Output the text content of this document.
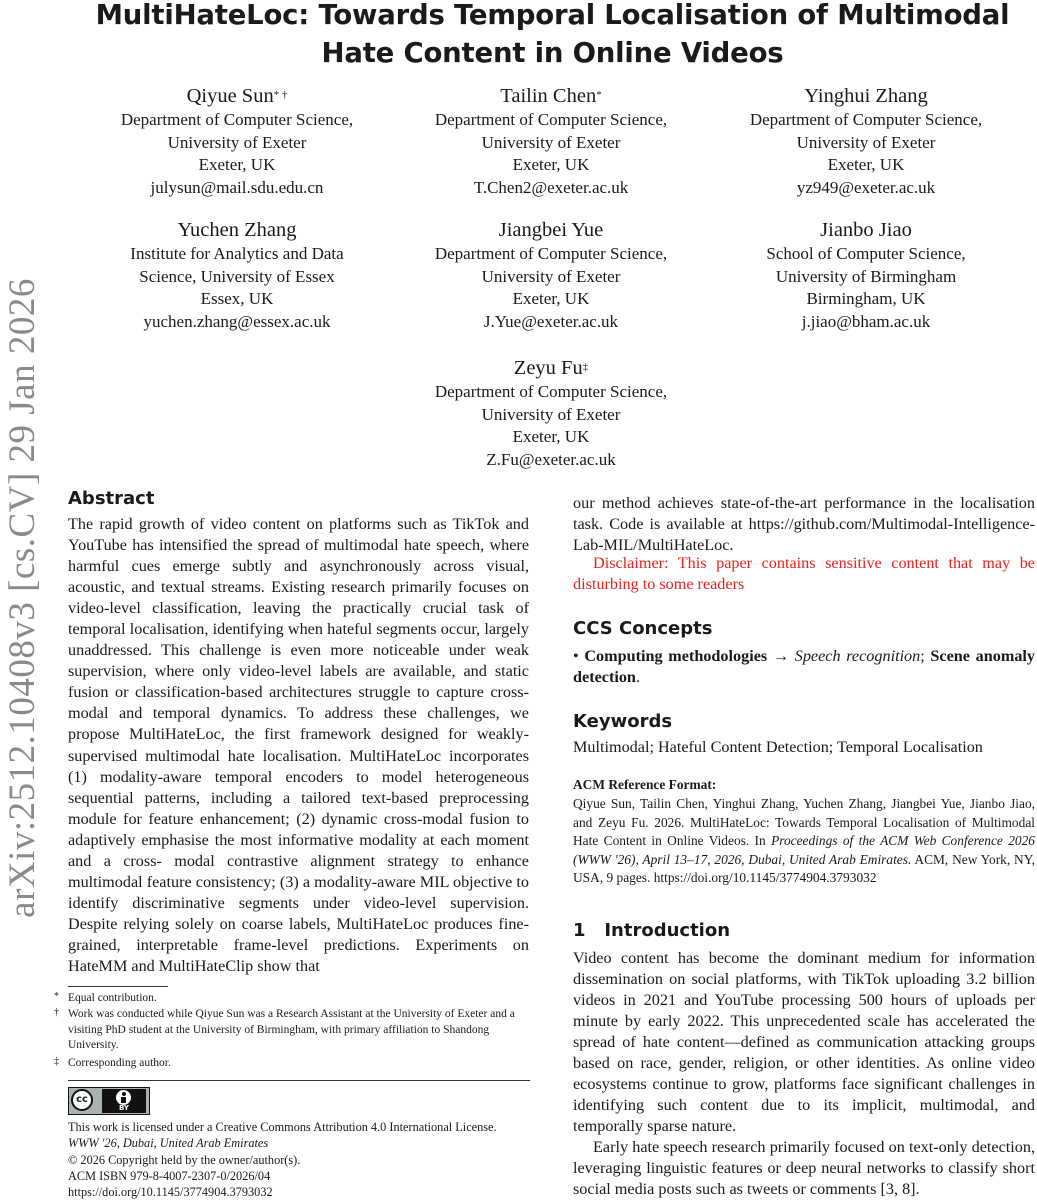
arXiv:2512.10408v3 [cs.CV] 29 Jan 2026
MultiHateLoc: Towards Temporal Localisation of Multimodal
Hate Content in Online Videos
Qiyue Sun* †
Department of Computer Science,
University of Exeter
Exeter, UK
julysun@mail.sdu.edu.cn
Tailin Chen*
Department of Computer Science,
University of Exeter
Exeter, UK
T.Chen2@exeter.ac.uk
Yinghui Zhang
Department of Computer Science,
University of Exeter
Exeter, UK
yz949@exeter.ac.uk
Yuchen Zhang
Institute for Analytics and Data
Science, University of Essex
Essex, UK
yuchen.zhang@essex.ac.uk
Jiangbei Yue
Department of Computer Science,
University of Exeter
Exeter, UK
J.Yue@exeter.ac.uk
Jianbo Jiao
School of Computer Science,
University of Birmingham
Birmingham, UK
j.jiao@bham.ac.uk
Zeyu Fu‡
Department of Computer Science,
University of Exeter
Exeter, UK
Z.Fu@exeter.ac.uk
Abstract

The rapid growth of video content on platforms such as TikTok and YouTube has intensified the spread of multimodal hate speech, where harmful cues emerge subtly and asynchronously across visual, acoustic, and textual streams. Existing research primarily focuses on video-level classification, leaving the practically crucial task of temporal localisation, identifying when hateful segments occur, largely unaddressed. This challenge is even more noticeable under weak supervision, where only video-level labels are available, and static fusion or classification-based architectures struggle to capture cross-modal and temporal dynamics. To address these challenges, we propose MultiHateLoc, the first framework designed for weakly-supervised multimodal hate localisation. MultiHateLoc incorporates (1) modality-aware temporal encoders to model heterogeneous sequential patterns, including a tailored text-based preprocessing module for feature enhancement; (2) dynamic cross-modal fusion to adaptively emphasise the most informative modality at each moment and a cross- modal contrastive alignment strategy to enhance multimodal feature consistency; (3) a modality-aware MIL objective to identify discriminative segments under video-level supervision. Despite relying solely on coarse labels, MultiHateLoc produces fine-grained, interpretable frame-level predictions. Experiments on HateMM and MultiHateClip show that

* Equal contribution.
† Work was conducted while Qiyue Sun was a Research Assistant at the University of Exeter and a visiting PhD student at the University of Birmingham, with primary affiliation to Shandong University.
‡ Corresponding author.
cc
BY
This work is licensed under a Creative Commons Attribution 4.0 International License.
WWW '26, Dubai, United Arab Emirates
© 2026 Copyright held by the owner/author(s).
ACM ISBN 979-8-4007-2307-0/2026/04
https://doi.org/10.1145/3774904.3793032

our method achieves state-of-the-art performance in the localisation task. Code is available at https://github.com/Multimodal-Intelligence-Lab-MIL/MultiHateLoc.

Disclaimer: This paper contains sensitive content that may be disturbing to some readers

CCS Concepts

• Computing methodologies → Speech recognition; Scene anomaly detection.

Keywords

Multimodal; Hateful Content Detection; Temporal Localisation

ACM Reference Format:

Qiyue Sun, Tailin Chen, Yinghui Zhang, Yuchen Zhang, Jiangbei Yue, Jianbo Jiao, and Zeyu Fu. 2026. MultiHateLoc: Towards Temporal Localisation of Multimodal Hate Content in Online Videos. In Proceedings of the ACM Web Conference 2026 (WWW '26), April 13–17, 2026, Dubai, United Arab Emirates. ACM, New York, NY, USA, 9 pages. https://doi.org/10.1145/3774904.3793032

1 Introduction

Video content has become the dominant medium for information dissemination on social platforms, with TikTok uploading 3.2 billion videos in 2021 and YouTube processing 500 hours of uploads per minute by early 2022. This unprecedented scale has accelerated the spread of hate content—defined as communication attacking groups based on race, gender, religion, or other identities. As online video ecosystems continue to grow, platforms face significant challenges in identifying such content due to its implicit, multimodal, and temporally sparse nature.

Early hate speech research primarily focused on text-only detection, leveraging linguistic features or deep neural networks to classify short social media posts such as tweets or comments [3, 8].
